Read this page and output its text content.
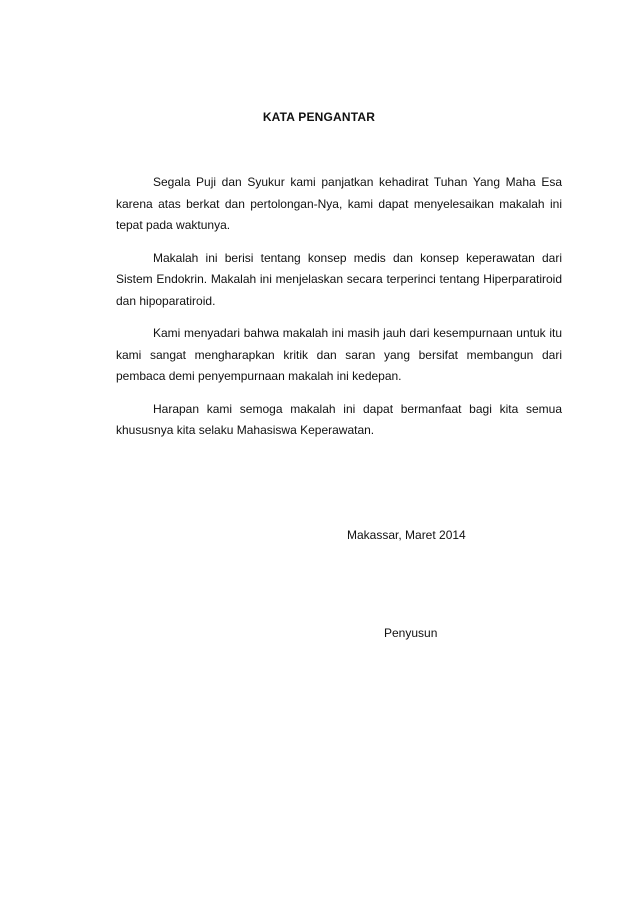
KATA PENGANTAR

Segala Puji dan Syukur kami panjatkan kehadirat Tuhan Yang Maha Esa karena atas berkat dan pertolongan-Nya, kami dapat menyelesaikan makalah ini tepat pada waktunya.

Makalah ini berisi tentang konsep medis dan konsep keperawatan dari Sistem Endokrin. Makalah ini menjelaskan secara terperinci tentang Hiperparatiroid dan hipoparatiroid.

Kami menyadari bahwa makalah ini masih jauh dari kesempurnaan untuk itu kami sangat mengharapkan kritik dan saran yang bersifat membangun dari pembaca demi penyempurnaan makalah ini kedepan.

Harapan kami semoga makalah ini dapat bermanfaat bagi kita semua khususnya kita selaku Mahasiswa Keperawatan.

Makassar, Maret 2014
Penyusun
